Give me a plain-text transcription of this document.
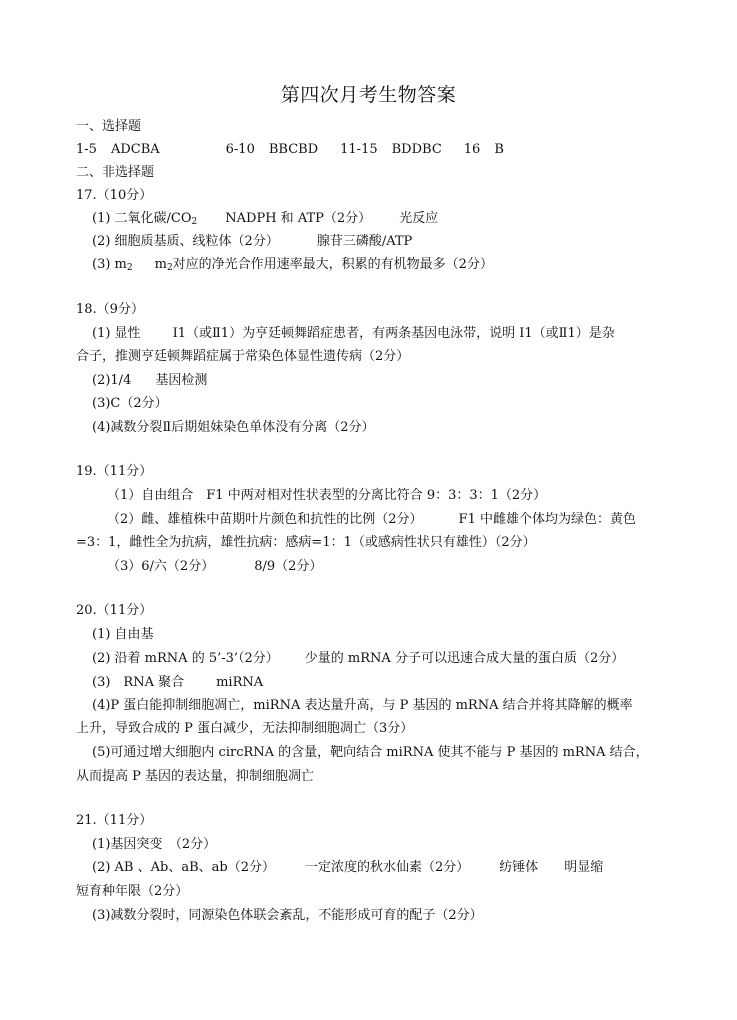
第四次月考生物答案
一、选择题
1-5 ADCBA	6-10 BBCBD 11-15 BDDBC 16 B
二、非选择题
17.（10分）
(1) 二氧化碳$/CO_2$ NADPH 和 ATP（2分） 光反应
(2) 细胞质基质、线粒体（2分）	腺苷三磷酸/ATP
(3) $m_2$ $m_2$对应的净光合作用速率最大，积累的有机物最多（2分）
18.（9分）
(1) 显性 I1（或Ⅱ1）为亨廷顿舞蹈症患者，有两条基因电泳带，说明 I1（或Ⅱ1）是杂
合子，推测亨廷顿舞蹈症属于常染色体显性遗传病（2分）
(2)1/4 基因检测
(3)C（2分）
(4)减数分裂Ⅱ后期姐妹染色单体没有分离（2分）
19.（11分）
（1）自由组合　F1 中两对相对性状表型的分离比符合 9：3：3：1（2分）
（2）雌、雄植株中苗期叶片颜色和抗性的比例（2分）	F1 中雌雄个体均为绿色：黄色
=3：1，雌性全为抗病，雄性抗病：感病=1：1（或感病性状只有雄性）（2分）
（3）6/六（2分）	8/9（2分）
20.（11分）
(1) 自由基
(2) 沿着 mRNA 的 5’-3’（2分） 少量的 mRNA 分子可以迅速合成大量的蛋白质（2分）
(3)　RNA 聚合 miRNA
(4)P 蛋白能抑制细胞凋亡，miRNA 表达量升高，与 P 基因的 mRNA 结合并将其降解的概率
上升，导致合成的 P 蛋白减少，无法抑制细胞凋亡（3分）
(5)可通过增大细胞内 circRNA 的含量，靶向结合 miRNA 使其不能与 P 基因的 mRNA 结合，
从而提高 P 基因的表达量，抑制细胞凋亡
21.（11分）
(1)基因突变　（2分）
(2) AB 、Ab、aB、ab（2分） 一定浓度的秋水仙素（2分） 纺锤体 明显缩
短育种年限（2分）
(3)减数分裂时，同源染色体联会紊乱，不能形成可育的配子（2分）
